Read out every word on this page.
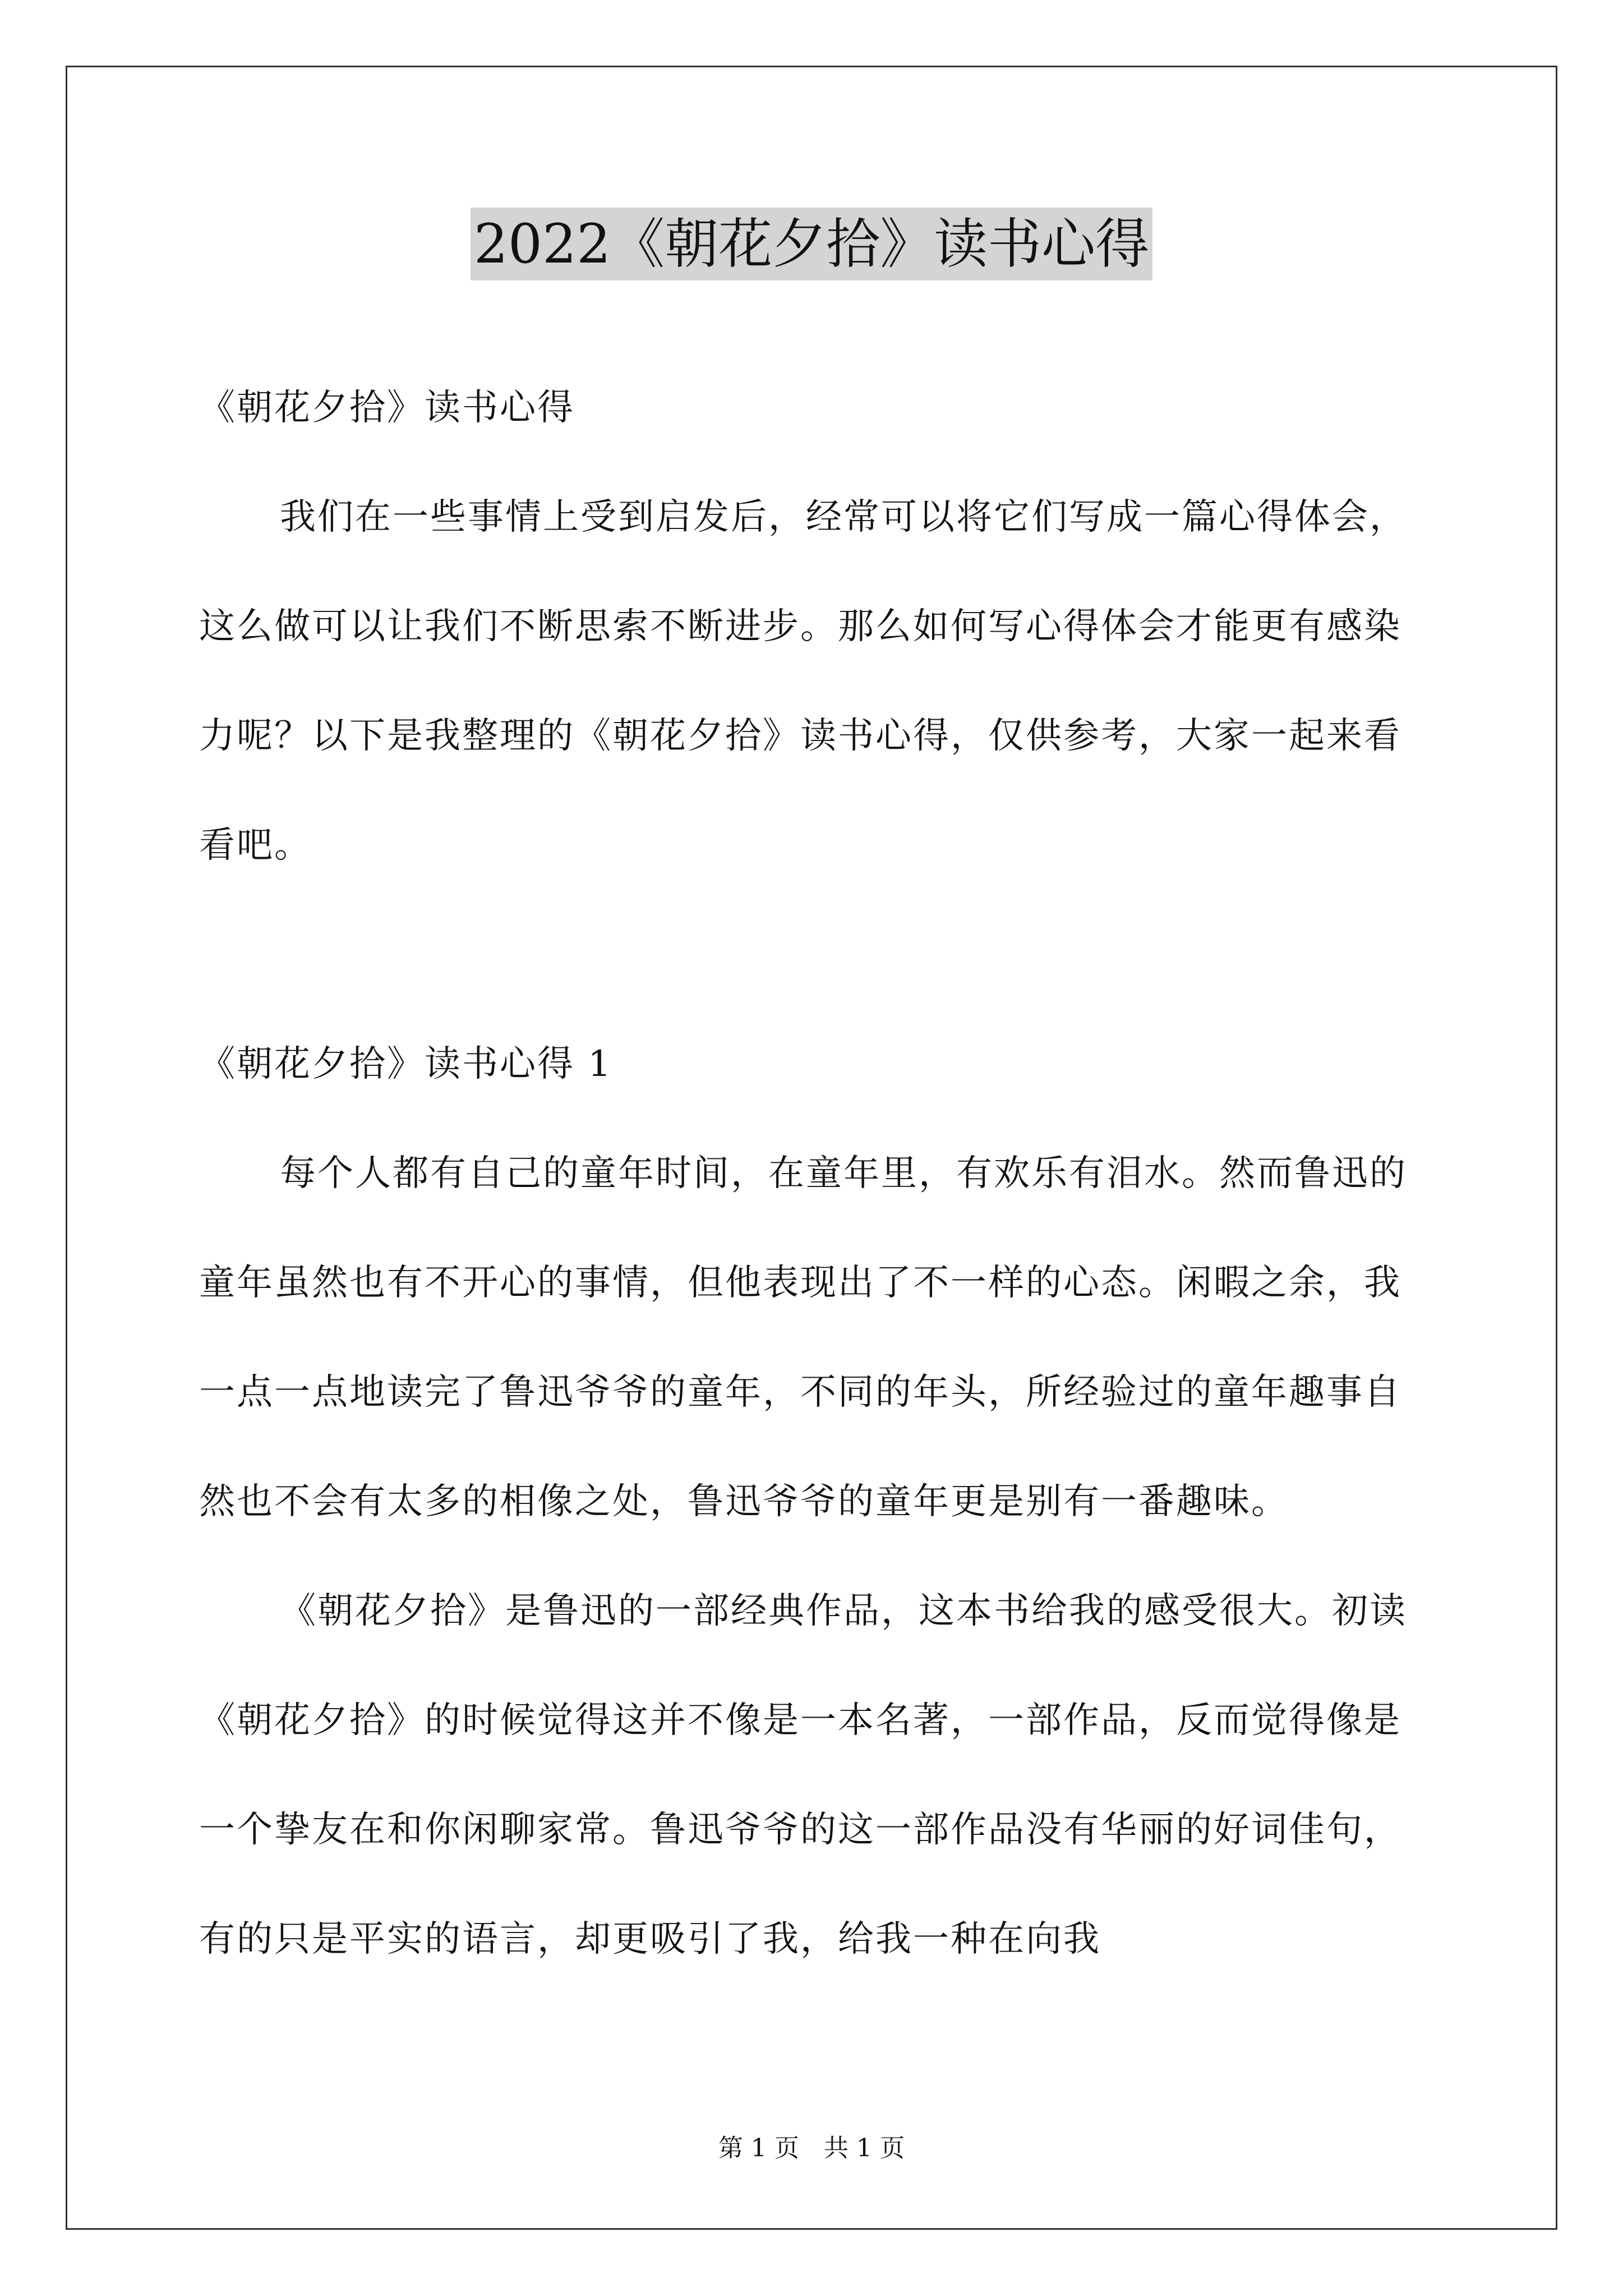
2022《朝花夕拾》读书心得

《朝花夕拾》读书心得

我们在一些事情上受到启发后，经常可以将它们写成一篇心得体会，这么做可以让我们不断思索不断进步。那么如何写心得体会才能更有感染力呢？以下是我整理的《朝花夕拾》读书心得，仅供参考，大家一起来看看吧。

《朝花夕拾》读书心得 1

每个人都有自己的童年时间，在童年里，有欢乐有泪水。然而鲁迅的童年虽然也有不开心的事情，但他表现出了不一样的心态。闲暇之余，我一点一点地读完了鲁迅爷爷的童年，不同的年头，所经验过的童年趣事自然也不会有太多的相像之处，鲁迅爷爷的童年更是别有一番趣味。

《朝花夕拾》是鲁迅的一部经典作品，这本书给我的感受很大。初读《朝花夕拾》的时候觉得这并不像是一本名著，一部作品，反而觉得像是一个挚友在和你闲聊家常。鲁迅爷爷的这一部作品没有华丽的好词佳句，有的只是平实的语言，却更吸引了我，给我一种在向我

第 1 页　共 1 页
